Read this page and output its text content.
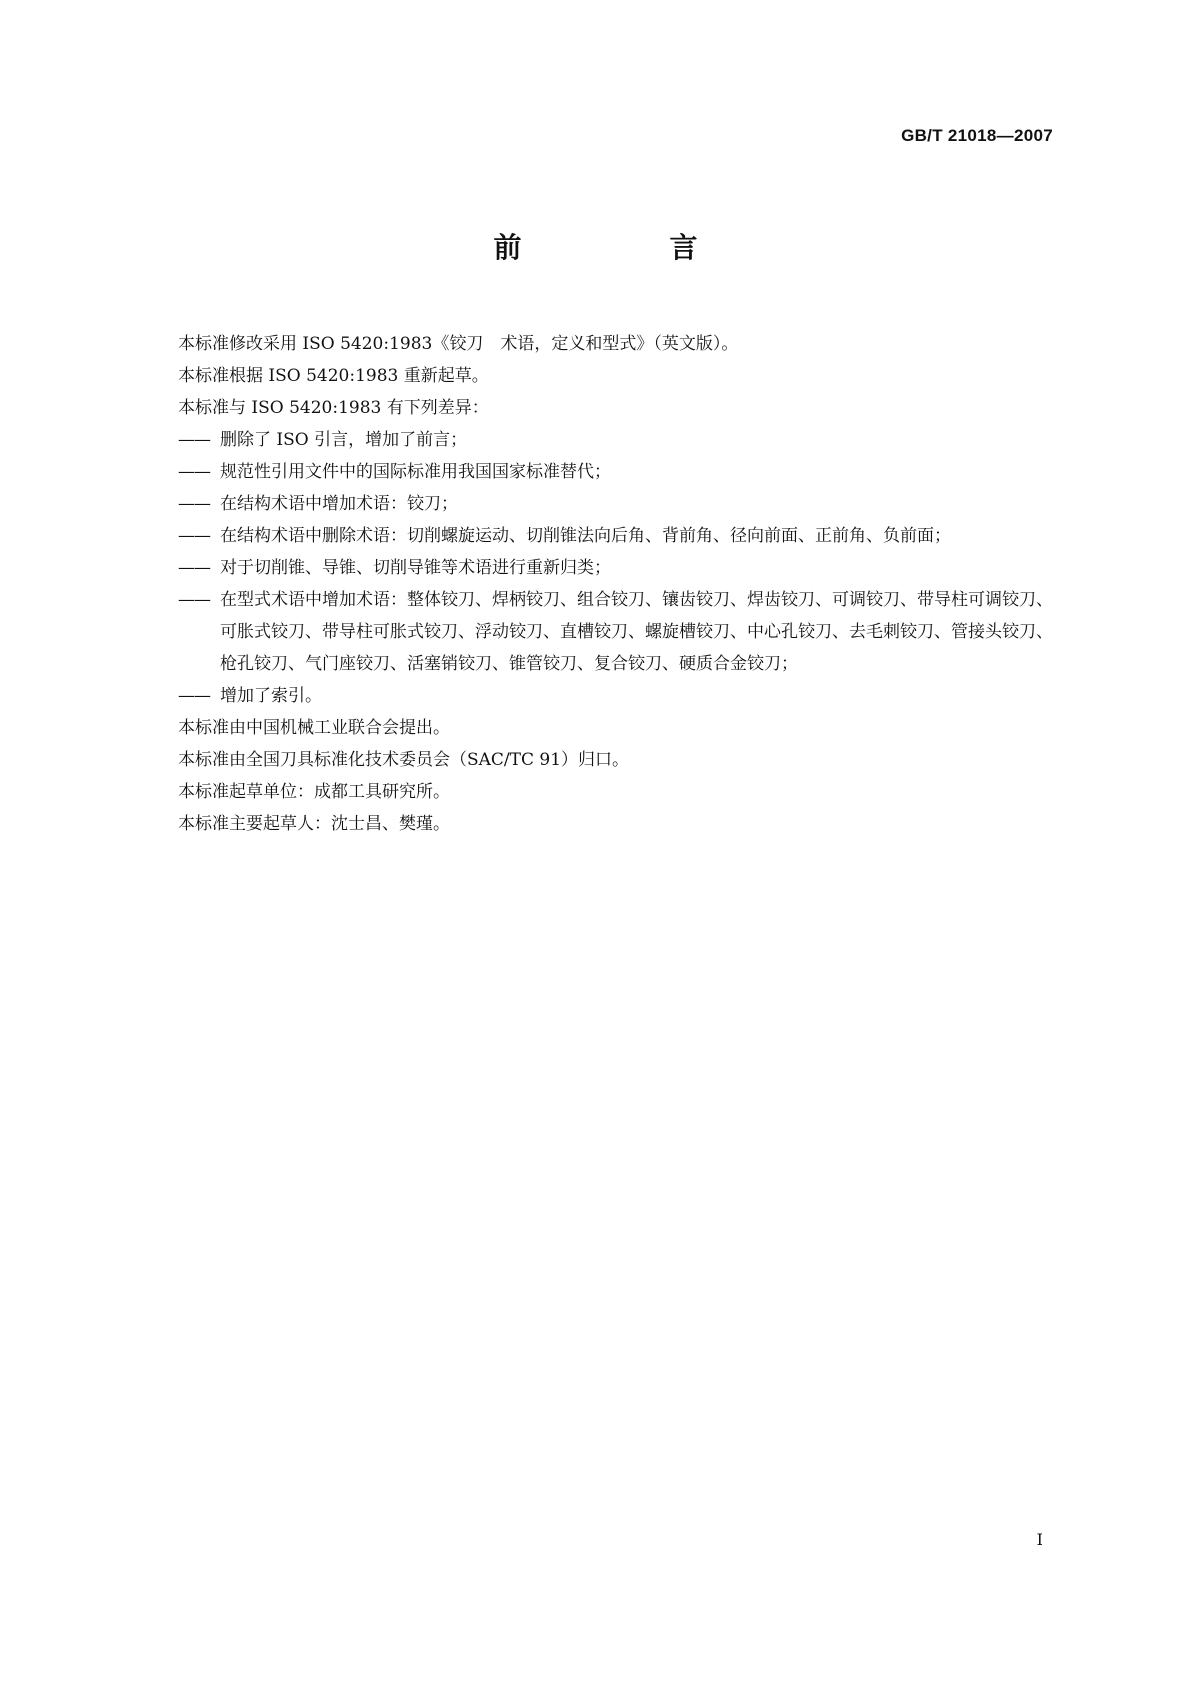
GB/T 21018—2007
前　言

本标准修改采用 ISO 5420:1983《铰刀　术语，定义和型式》（英文版）。

本标准根据 ISO 5420:1983 重新起草。

本标准与 ISO 5420:1983 有下列差异：

—— 删除了 ISO 引言，增加了前言；
—— 规范性引用文件中的国际标准用我国国家标准替代；
—— 在结构术语中增加术语：铰刀；
—— 在结构术语中删除术语：切削螺旋运动、切削锥法向后角、背前角、径向前面、正前角、负前面；
—— 对于切削锥、导锥、切削导锥等术语进行重新归类；
—— 在型式术语中增加术语：整体铰刀、焊柄铰刀、组合铰刀、镶齿铰刀、焊齿铰刀、可调铰刀、带导柱可调铰刀、可胀式铰刀、带导柱可胀式铰刀、浮动铰刀、直槽铰刀、螺旋槽铰刀、中心孔铰刀、去毛刺铰刀、管接头铰刀、枪孔铰刀、气门座铰刀、活塞销铰刀、锥管铰刀、复合铰刀、硬质合金铰刀；
—— 增加了索引。

本标准由中国机械工业联合会提出。

本标准由全国刀具标准化技术委员会（SAC/TC 91）归口。

本标准起草单位：成都工具研究所。

本标准主要起草人：沈士昌、樊瑾。

I
